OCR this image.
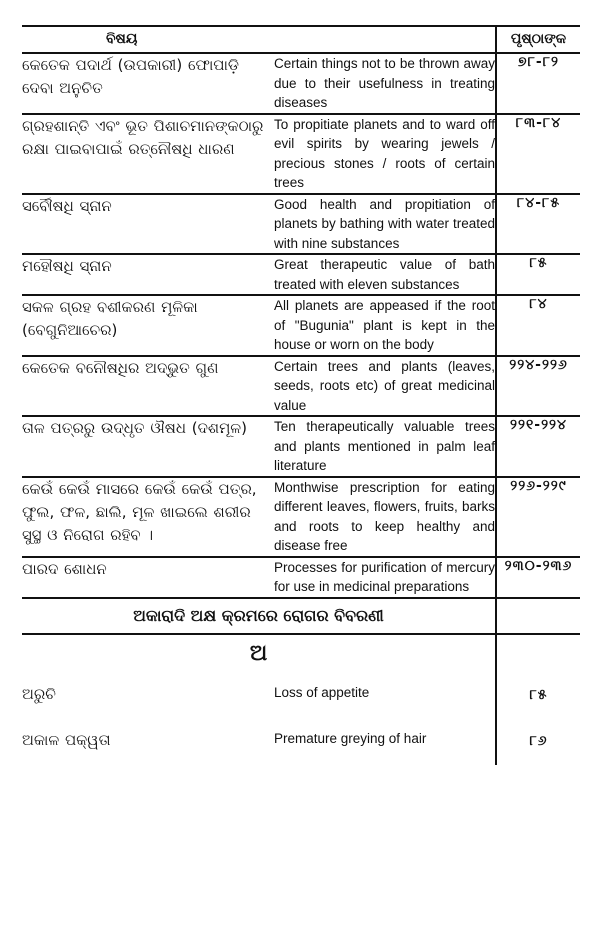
ବିଷୟ		ପୃଷ୍ଠାଙ୍କ
କେତେକ ପଦାର୍ଥ (ଉପକାରୀ) ଫୋପାଡ଼ି ଦେବା ଅନୁଚିତ	Certain things not to be thrown away due to their usefulness in treating diseases	୭୮-୮୨
ଗ୍ରହଶାନ୍ତି ଏବଂ ଭୂତ ପିଶାଚମାନଙ୍କଠାରୁ ରକ୍ଷା ପାଇବାପାଇଁ ରତ୍ନୌଷଧି ଧାରଣ	To propitiate planets and to ward off evil spirits by wearing jewels / precious stones / roots of certain trees	୮୩-୮୪
ସର୍ବୌଷଧି ସ୍ନାନ	Good health and propitiation of planets by bathing with water treated with nine substances	୮୪-୮୫
ମହୌଷଧି ସ୍ନାନ	Great therapeutic value of bath treated with eleven substances	୮୫
ସକଳ ଗ୍ରହ ବଶୀକରଣ ମୂଳିକା (ବେଗୁନିଆଚେର)	All planets are appeased if the root of "Bugunia" plant is kept in the house or worn on the body	୮୪
କେତେକ ବନୌଷଧିର ଅଦ୍ଭୁତ ଗୁଣ	Certain trees and plants (leaves, seeds, roots etc) of great medicinal value	୨୨୪-୨୨୬
ତାଳ ପତ୍ରରୁ ଉଦ୍ଧୃତ ଔଷଧ (ଦଶମୂଳ)	Ten therapeutically valuable trees and plants mentioned in palm leaf literature	୨୨୧-୨୨୪
କେଉଁ କେଉଁ ମାସରେ କେଉଁ କେଉଁ ପତ୍ର, ଫୁଲ, ଫଳ, ଛାଲି, ମୂଳ ଖାଇଲେ ଶରୀର ସୁସ୍ଥ ଓ ନିରୋଗ ରହିବ ।	Monthwise prescription for eating different leaves, flowers, fruits, barks and roots to keep healthy and disease free	୨୨୬-୨୨୯
ପାରଦ ଶୋଧନ	Processes for purification of mercury for use in medicinal preparations	୨୩୦-୨୩୬
ଅକାରାଦି ଅକ୍ଷ କ୍ରମରେ ରୋଗର ବିବରଣୀ		
ଅ		
ଅରୁଚି	Loss of appetite	୮୫
ଅକାଳ ପକ୍ୱତା	Premature greying of hair	୮୬
